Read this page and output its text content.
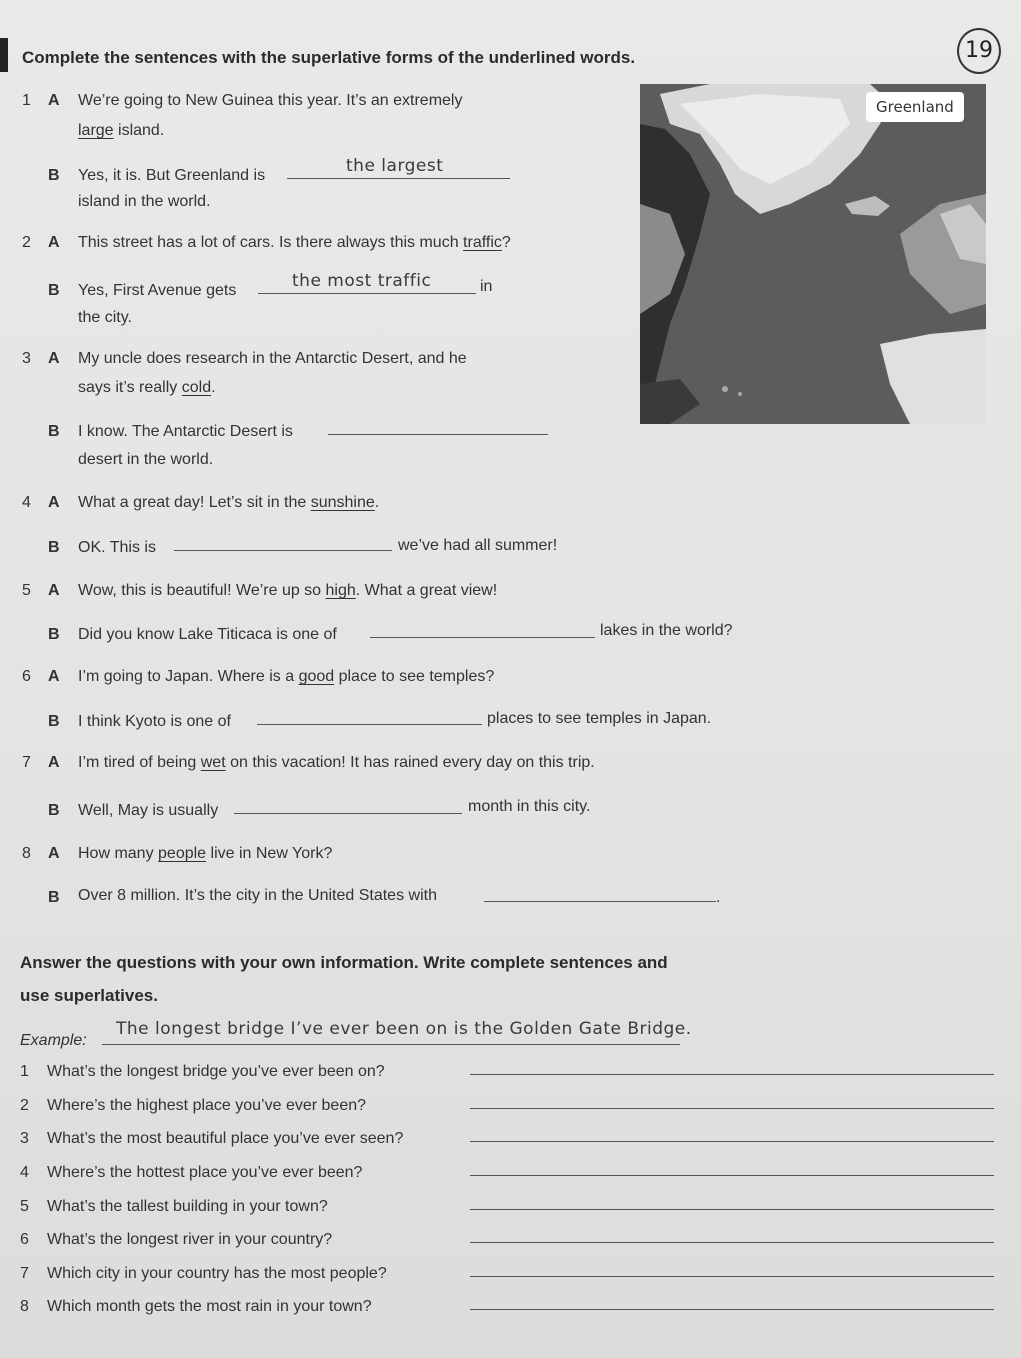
Complete the sentences with the superlative forms of the underlined words.	19
Greenland
1 A We’re going to New Guinea this year. It’s an extremely
large island.
B Yes, it is. But Greenland is	the largest
island in the world.
2 A This street has a lot of cars. Is there always this much traffic?
B Yes, First Avenue gets	the most traffic	in
the city.
3 A My uncle does research in the Antarctic Desert, and he
says it’s really cold.
B I know. The Antarctic Desert is
desert in the world.
4 A What a great day! Let’s sit in the sunshine.
B OK. This is	we’ve had all summer!
5 A Wow, this is beautiful! We’re up so high. What a great view!
B Did you know Lake Titicaca is one of	lakes in the world?
6 A I’m going to Japan. Where is a good place to see temples?
B I think Kyoto is one of	places to see temples in Japan.
7 A I’m tired of being wet on this vacation! It has rained every day on this trip.
B Well, May is usually	month in this city.
8 A How many people live in New York?
B Over 8 million. It’s the city in the United States with	.
Answer the questions with your own information. Write complete sentences and
use superlatives.
Example:
The longest bridge I’ve ever been on is the Golden Gate Bridge.
1 What’s the longest bridge you’ve ever been on?
2 Where’s the highest place you’ve ever been?
3 What’s the most beautiful place you’ve ever seen?
4 Where’s the hottest place you’ve ever been?
5 What’s the tallest building in your town?
6 What’s the longest river in your country?
7 Which city in your country has the most people?
8 Which month gets the most rain in your town?
